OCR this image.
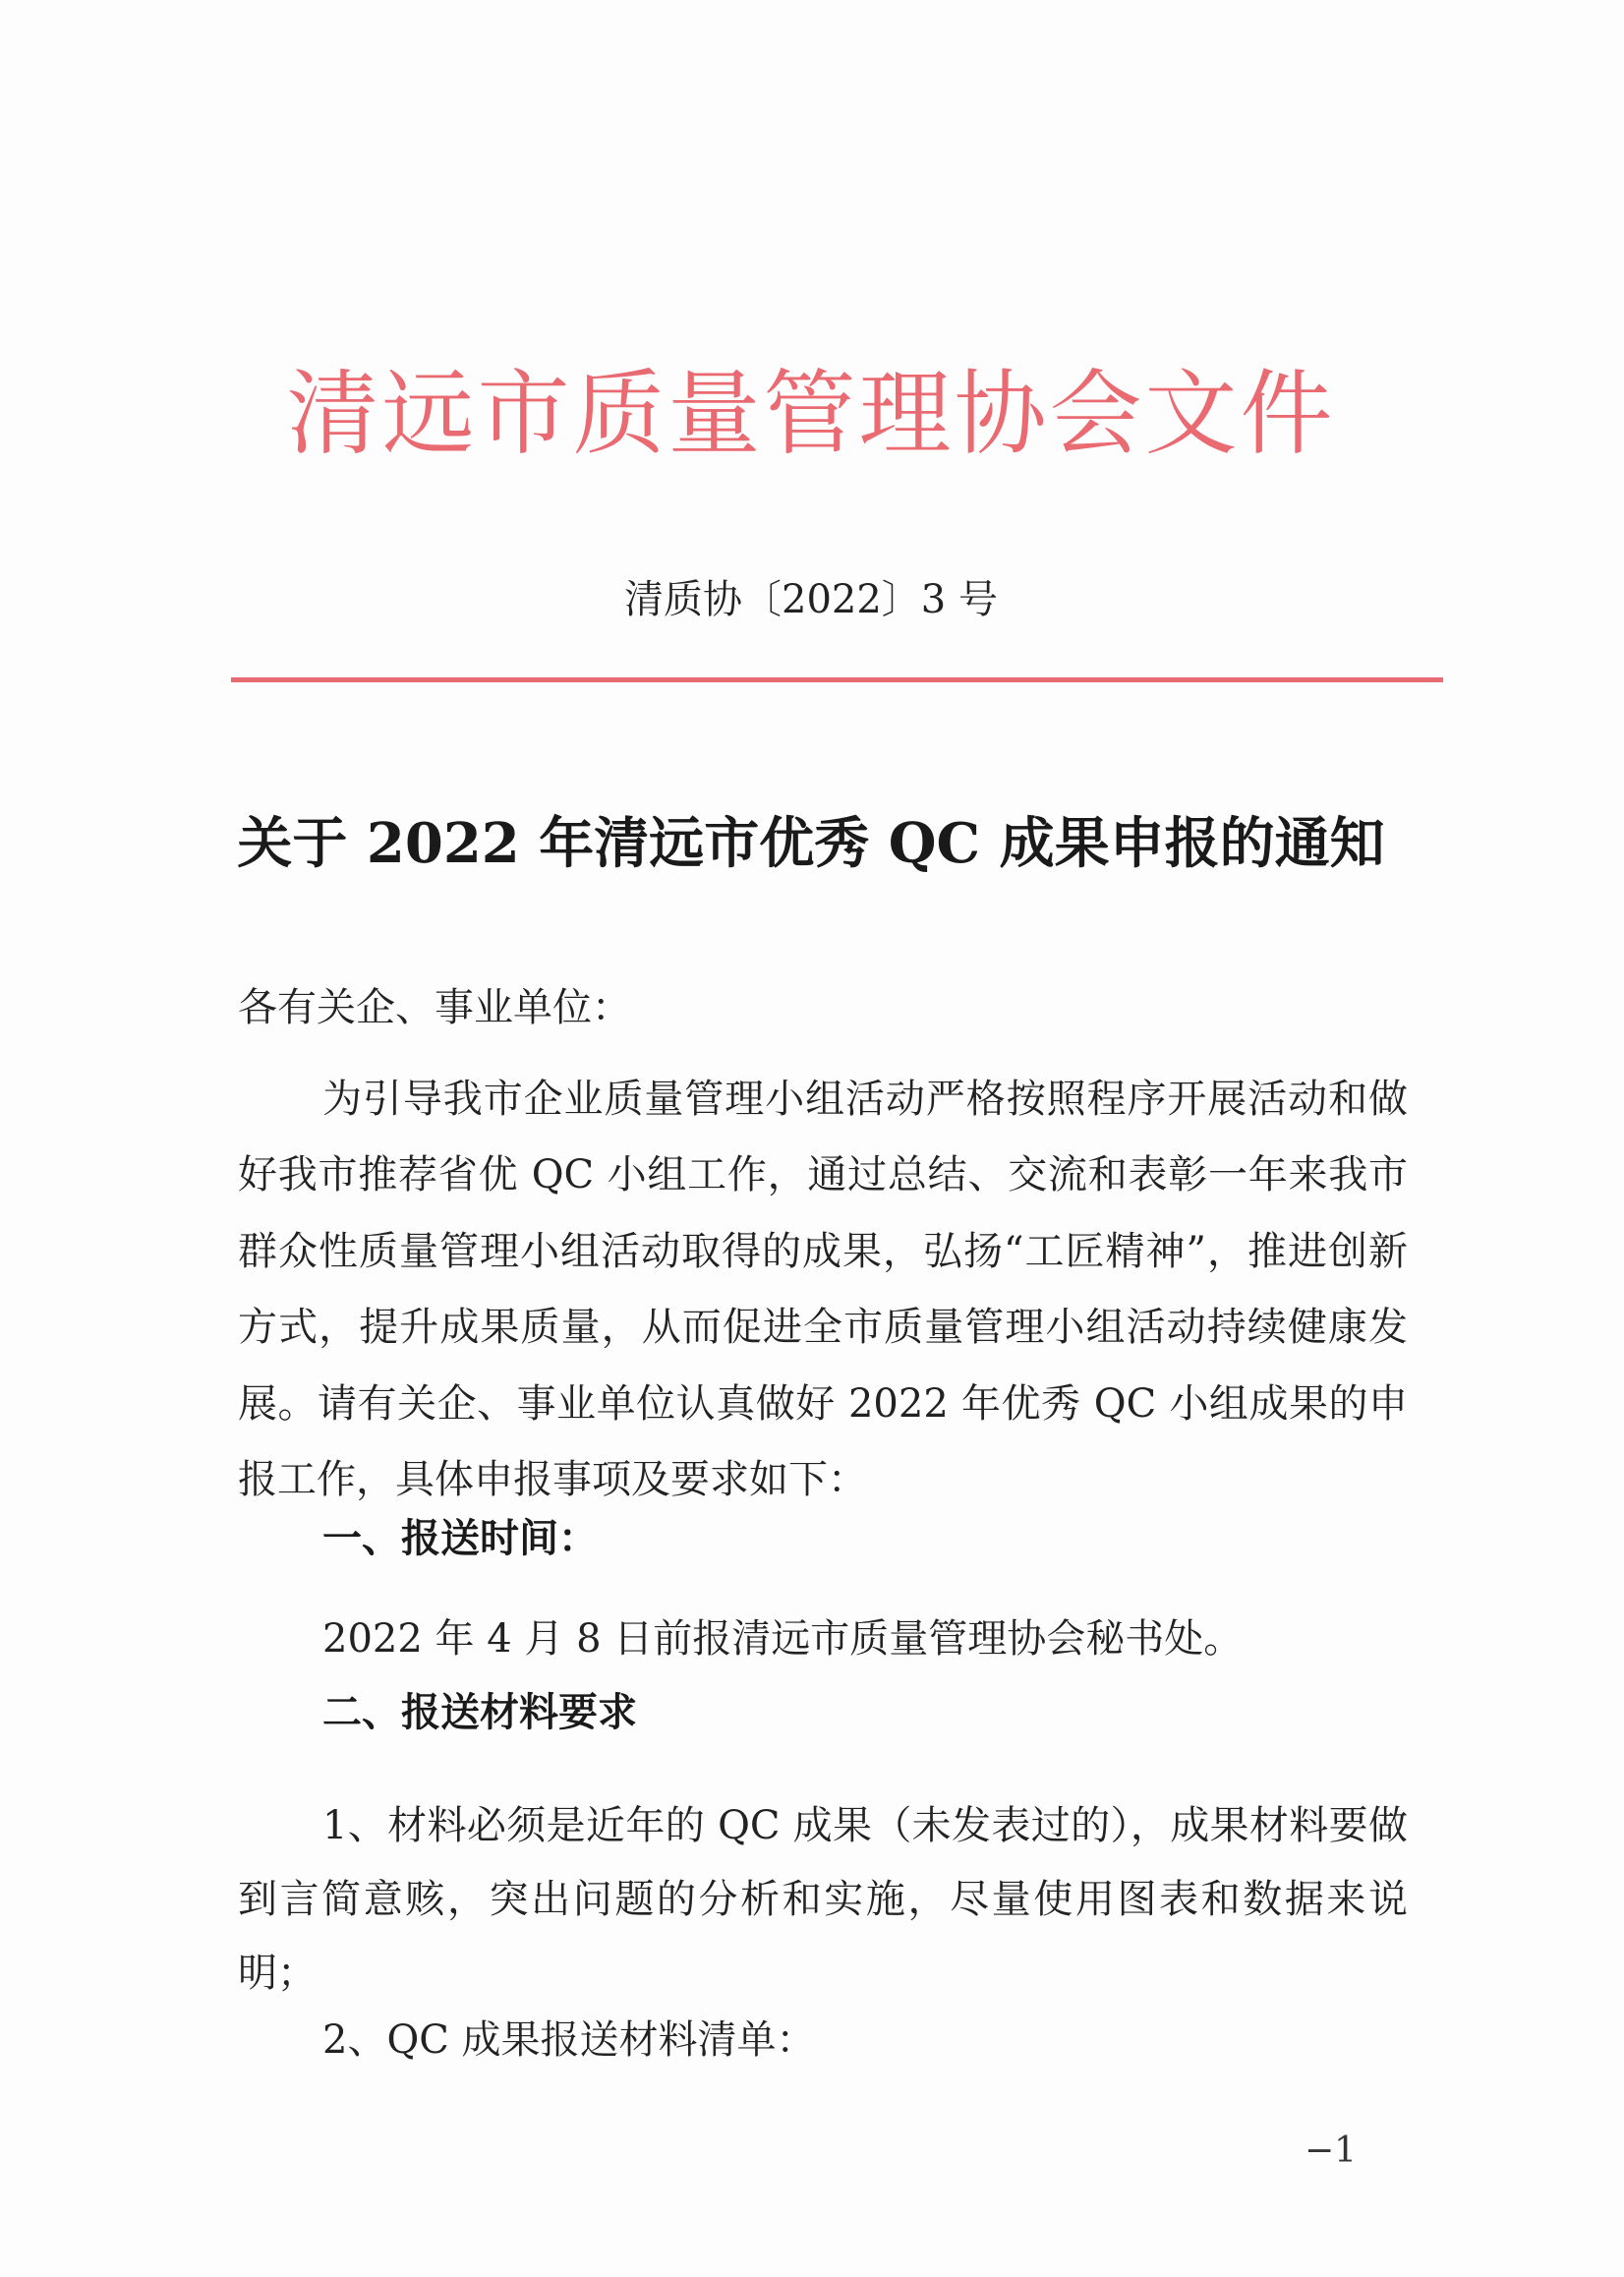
清远市质量管理协会文件
清质协〔2022〕3 号
关于 2022 年清远市优秀 QC 成果申报的通知

各有关企、事业单位：

为引导我市企业质量管理小组活动严格按照程序开展活动和做好我市推荐省优 QC 小组工作，通过总结、交流和表彰一年来我市群众性质量管理小组活动取得的成果，弘扬“工匠精神”，推进创新方式，提升成果质量，从而促进全市质量管理小组活动持续健康发展。请有关企、事业单位认真做好 2022 年优秀 QC 小组成果的申报工作，具体申报事项及要求如下：

一、报送时间：
2022 年 4 月 8 日前报清远市质量管理协会秘书处。
二、报送材料要求

1、材料必须是近年的 QC 成果（未发表过的），成果材料要做到言简意赅，突出问题的分析和实施，尽量使用图表和数据来说明；

2、QC 成果报送材料清单：
−1
